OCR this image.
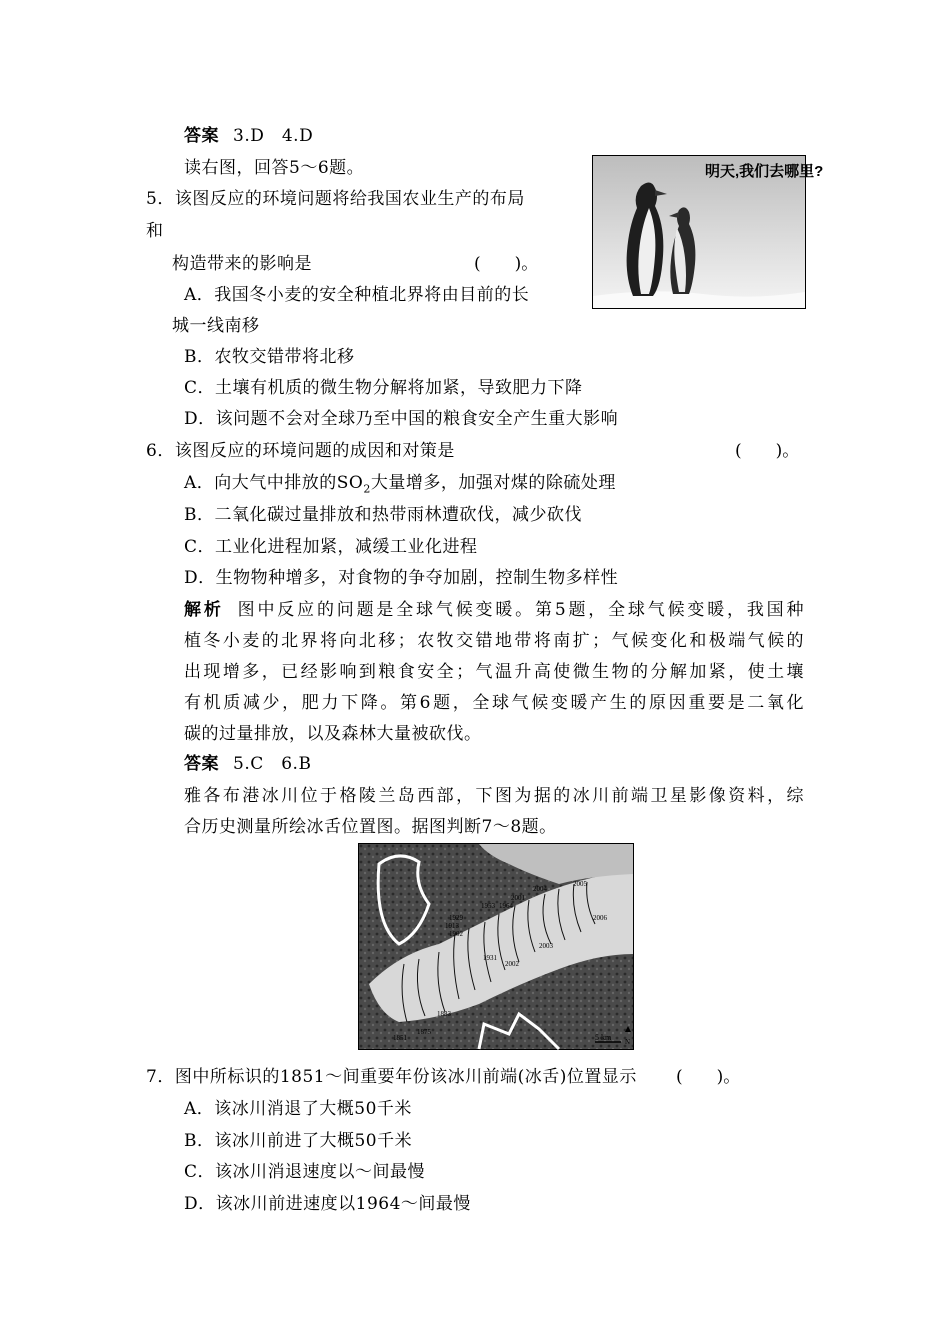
答案 3.D　4.D
读右图，回答5～6题。	明天,我们去哪里?
5．该图反应的环境问题将给我国农业生产的布局
和
构造带来的影响是	(　　)。
A．我国冬小麦的安全种植北界将由目前的长
城一线南移
B．农牧交错带将北移
C．土壤有机质的微生物分解将加紧，导致肥力下降
D．该问题不会对全球乃至中国的粮食安全产生重大影响
6．该图反应的环境问题的成因和对策是	(　　)。
A．向大气中排放的$SO_2$大量增多，加强对煤的除硫处理
B．二氧化碳过量排放和热带雨林遭砍伐，减少砍伐
C．工业化进程加紧，减缓工业化进程
D．生物物种增多，对食物的争夺加剧，控制生物多样性
解析 图中反应的问题是全球气候变暖。第5题，全球气候变暖，我国种
植冬小麦的北界将向北移；农牧交错地带将南扩；气候变化和极端气候的
出现增多，已经影响到粮食安全；气温升高使微生物的分解加紧，使土壤
有机质减少，肥力下降。第6题，全球气候变暖产生的原因重要是二氧化
碳的过量排放，以及森林大量被砍伐。
答案 5.C　6.B
雅各布港冰川位于格陵兰岛西部，下图为据的冰川前端卫星影像资料，综
合历史测量所绘冰舌位置图。据图判断7～8题。
1851
1875
1883
1902
1913
1929
1931
1953 1964
2001
2002
2003
2004
2005
2006
5 km N
7．图中所标识的1851～间重要年份该冰川前端(冰舌)位置显示 (　　)。
A．该冰川消退了大概50千米
B．该冰川前进了大概50千米
C．该冰川消退速度以～间最慢
D．该冰川前进速度以1964～间最慢
